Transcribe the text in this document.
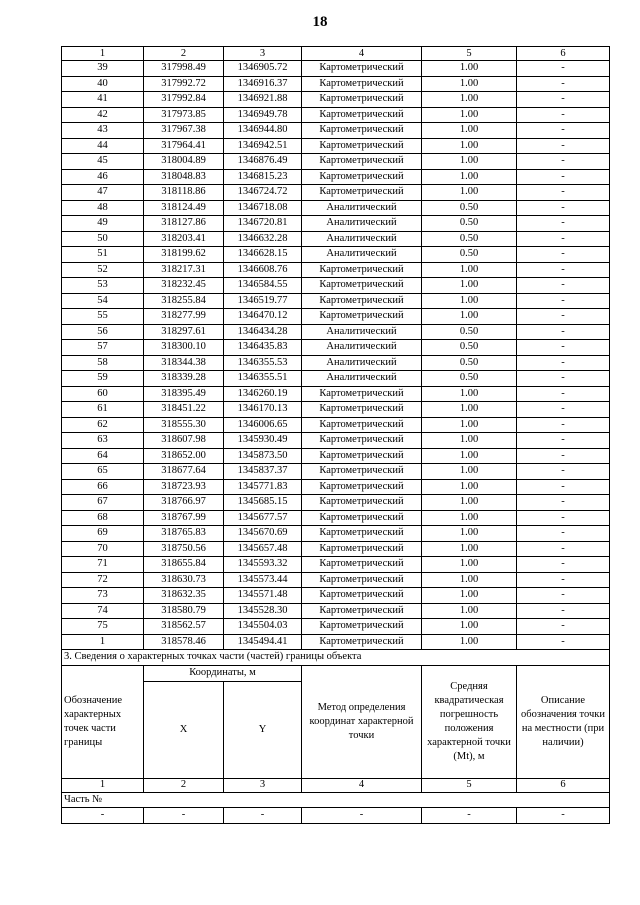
18
1	2	3	4	5	6
39	317998.49	1346905.72	Картометрический	1.00	-
40	317992.72	1346916.37	Картометрический	1.00	-
41	317992.84	1346921.88	Картометрический	1.00	-
42	317973.85	1346949.78	Картометрический	1.00	-
43	317967.38	1346944.80	Картометрический	1.00	-
44	317964.41	1346942.51	Картометрический	1.00	-
45	318004.89	1346876.49	Картометрический	1.00	-
46	318048.83	1346815.23	Картометрический	1.00	-
47	318118.86	1346724.72	Картометрический	1.00	-
48	318124.49	1346718.08	Аналитический	0.50	-
49	318127.86	1346720.81	Аналитический	0.50	-
50	318203.41	1346632.28	Аналитический	0.50	-
51	318199.62	1346628.15	Аналитический	0.50	-
52	318217.31	1346608.76	Картометрический	1.00	-
53	318232.45	1346584.55	Картометрический	1.00	-
54	318255.84	1346519.77	Картометрический	1.00	-
55	318277.99	1346470.12	Картометрический	1.00	-
56	318297.61	1346434.28	Аналитический	0.50	-
57	318300.10	1346435.83	Аналитический	0.50	-
58	318344.38	1346355.53	Аналитический	0.50	-
59	318339.28	1346355.51	Аналитический	0.50	-
60	318395.49	1346260.19	Картометрический	1.00	-
61	318451.22	1346170.13	Картометрический	1.00	-
62	318555.30	1346006.65	Картометрический	1.00	-
63	318607.98	1345930.49	Картометрический	1.00	-
64	318652.00	1345873.50	Картометрический	1.00	-
65	318677.64	1345837.37	Картометрический	1.00	-
66	318723.93	1345771.83	Картометрический	1.00	-
67	318766.97	1345685.15	Картометрический	1.00	-
68	318767.99	1345677.57	Картометрический	1.00	-
69	318765.83	1345670.69	Картометрический	1.00	-
70	318750.56	1345657.48	Картометрический	1.00	-
71	318655.84	1345593.32	Картометрический	1.00	-
72	318630.73	1345573.44	Картометрический	1.00	-
73	318632.35	1345571.48	Картометрический	1.00	-
74	318580.79	1345528.30	Картометрический	1.00	-
75	318562.57	1345504.03	Картометрический	1.00	-
1	318578.46	1345494.41	Картометрический	1.00	-
3. Сведения о характерных точках части (частей) границы объекта					
Обозначение характерных точек части границы	Координаты, м		Метод определения координат характерной точки	Средняя квадратическая погрешность положения характерной точки (Mt), м	Описание обозначения точки на местности (при наличии)
	X	Y			
1	2	3	4	5	6
Часть №					
-	-	-	-	-	-
